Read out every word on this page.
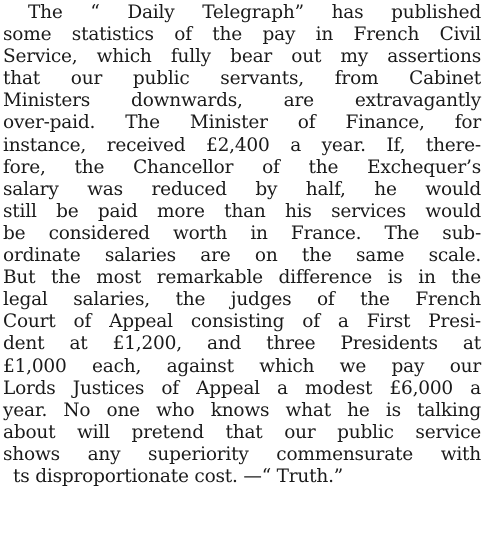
The “ Daily Telegraph” has published
some statistics of the pay in French Civil
Service, which fully bear out my assertions
that our public servants, from Cabinet
Ministers downwards, are extravagantly
over-paid. The Minister of Finance, for
instance, received £2,400 a year. If, there-
fore, the Chancellor of the Exchequer’s
salary was reduced by half, he would
still be paid more than his services would
be considered worth in France. The sub-
ordinate salaries are on the same scale.
But the most remarkable difference is in the
legal salaries, the judges of the French
Court of Appeal consisting of a First Presi-
dent at £1,200, and three Presidents at
£1,000 each, against which we pay our
Lords Justices of Appeal a modest £6,000 a
year. No one who knows what he is talking
about will pretend that our public service
shows any superiority commensurate with
ts disproportionate cost. —“ Truth.”
